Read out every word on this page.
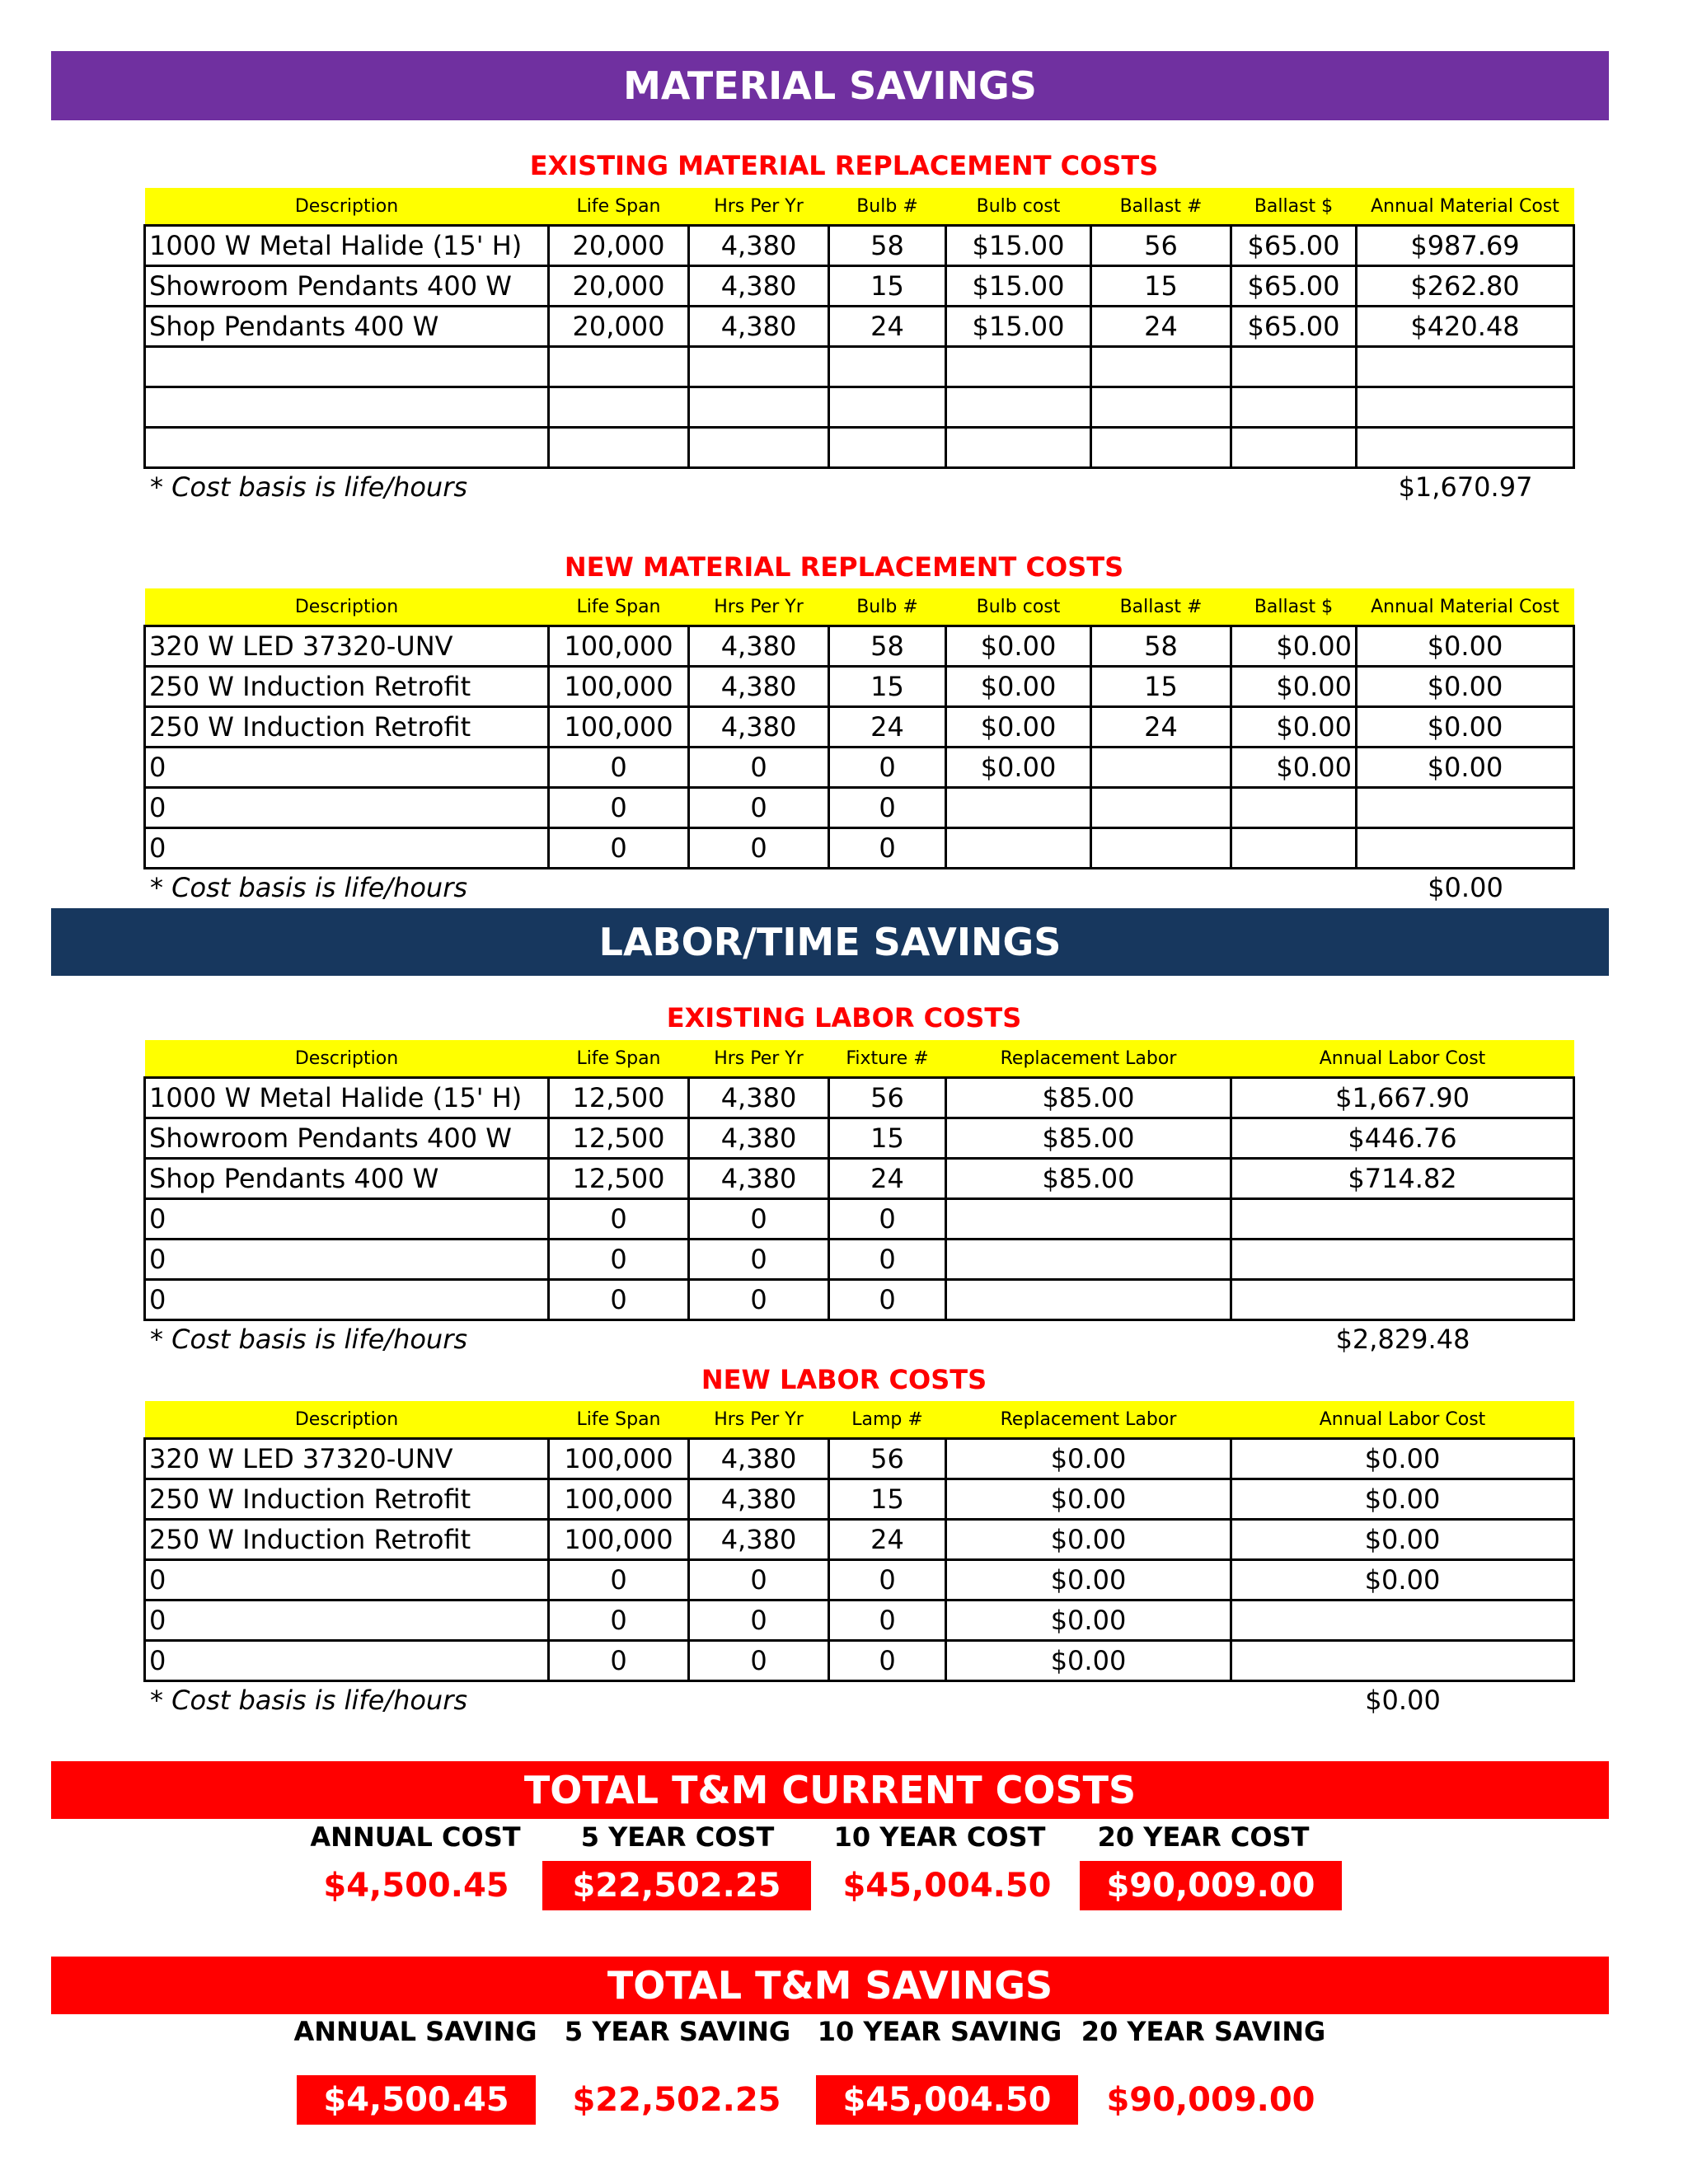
MATERIAL SAVINGS
EXISTING MATERIAL REPLACEMENT COSTS
Description	Life Span	Hrs Per Yr	Bulb #	Bulb cost	Ballast #	Ballast $	Annual Material Cost
1000 W Metal Halide (15' H)	20,000	4,380	58	$15.00	56	$65.00	$987.69
Showroom Pendants 400 W	20,000	4,380	15	$15.00	15	$65.00	$262.80
Shop Pendants 400 W	20,000	4,380	24	$15.00	24	$65.00	$420.48

* Cost basis is life/hours	$1,670.97
NEW MATERIAL REPLACEMENT COSTS
Description	Life Span	Hrs Per Yr	Bulb #	Bulb cost	Ballast #	Ballast $	Annual Material Cost
320 W LED 37320-UNV	100,000	4,380	58	$0.00	58	$0.00	$0.00
250 W Induction Retrofit	100,000	4,380	15	$0.00	15	$0.00	$0.00
250 W Induction Retrofit	100,000	4,380	24	$0.00	24	$0.00	$0.00
0	0	0	0	$0.00		$0.00	$0.00
0	0	0	0				
0	0	0	0				
* Cost basis is life/hours	$0.00
LABOR/TIME SAVINGS
EXISTING LABOR COSTS
Description	Life Span	Hrs Per Yr	Fixture #	Replacement Labor	Annual Labor Cost
1000 W Metal Halide (15' H)	12,500	4,380	56	$85.00	$1,667.90
Showroom Pendants 400 W	12,500	4,380	15	$85.00	$446.76
Shop Pendants 400 W	12,500	4,380	24	$85.00	$714.82
0	0	0	0		
0	0	0	0		
0	0	0	0		
* Cost basis is life/hours	$2,829.48
NEW LABOR COSTS
Description	Life Span	Hrs Per Yr	Lamp #	Replacement Labor	Annual Labor Cost
320 W LED 37320-UNV	100,000	4,380	56	$0.00	$0.00
250 W Induction Retrofit	100,000	4,380	15	$0.00	$0.00
250 W Induction Retrofit	100,000	4,380	24	$0.00	$0.00
0	0	0	0	$0.00	$0.00
0	0	0	0	$0.00	
0	0	0	0	$0.00	
* Cost basis is life/hours	$0.00
TOTAL T&M CURRENT COSTS
ANNUAL COST
$4,500.45
5 YEAR COST
$22,502.25
10 YEAR COST
$45,004.50
20 YEAR COST
$90,009.00
TOTAL T&M SAVINGS
ANNUAL SAVING
$4,500.45
5 YEAR SAVING
$22,502.25
10 YEAR SAVING
$45,004.50
20 YEAR SAVING
$90,009.00
